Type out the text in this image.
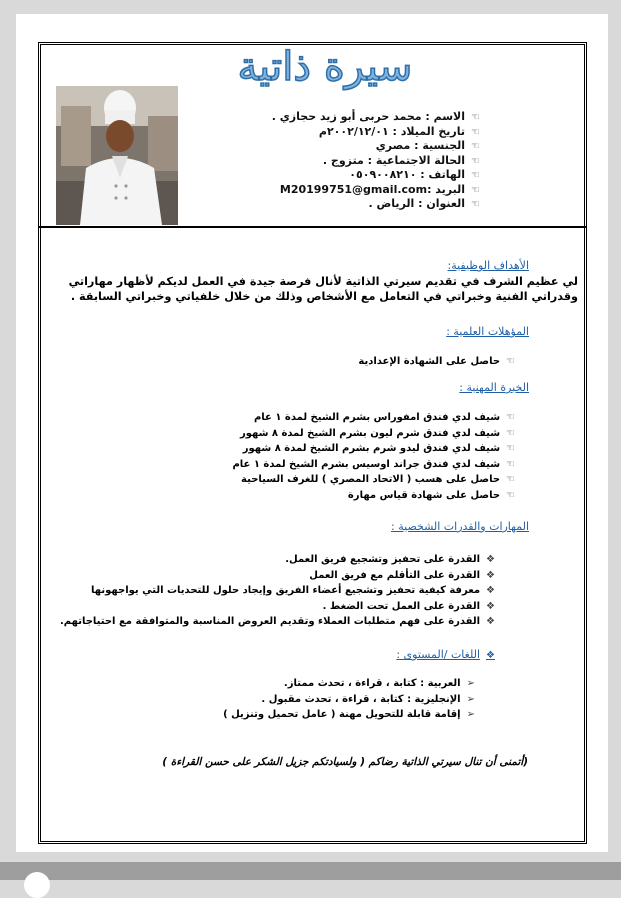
سيرة ذاتية
☜الاسم : محمد حربى أبو زيد حجازي .
☜تاريخ الميلاد : ٢٠٠٢/١٢/٠١م
☜الجنسية : مصري
☜الحالة الاجتماعية : متزوج .
☜الهاتف : ٠٥٠٩٠٠٨٢١٠
☜البريد :M20199751@gmail.com
☜العنوان : الرياض .
الأهداف الوظيفية:
لي عظيم الشرف في تقديم سيرتي الذاتية لأنال فرصة جيدة في العمل لديكم لأظهار مهاراتي وقدراتي الفنية وخبراتي في التعامل مع الأشخاص وذلك من خلال خلفياتي وخبراتي السابقة .
المؤهلات العلمية :
☜حاصل على الشهادة الإعدادية
الخبرة المهنية :
☜شيف لدي فندق امفوراس بشرم الشيخ لمدة ١ عام
☜شيف لدي فندق شرم ليون بشرم الشيخ لمدة ٨ شهور
☜شيف لدي فندق ليدو شرم بشرم الشيخ لمدة ٨ شهور
☜شيف لدي فندق جراند اوسيس بشرم الشيخ لمدة ١ عام
☜حاصل على هسب ( الاتحاد المصري ) للغرف السياحية
☜حاصل على شهادة قياس مهارة
المهارات والقدرات الشخصية :
❖القدرة على تحفيز وتشجيع فريق العمل.
❖القدرة على التأقلم مع فريق العمل
❖معرفة كيفية تحفيز وتشجيع أعضاء الفريق وإيجاد حلول للتحديات التي يواجهونها
❖القدرة على العمل تحت الضغط .
❖القدرة على فهم متطلبات العملاء وتقديم العروض المناسبة والمتوافقة مع احتياجاتهم.
❖اللغات /المستوى :
➢العربية : كتابة ، قراءة ، تحدث ممتاز.
➢الإنجليزية : كتابة ، قراءة ، تحدث مقبول .
➢إقامة قابلة للتحويل مهنة ( عامل تحميل وتنزيل )
(أتمنى أن تنال سيرتي الذاتية رضاكم ( ولسيادتكم جزيل الشكر على حسن القراءة )
